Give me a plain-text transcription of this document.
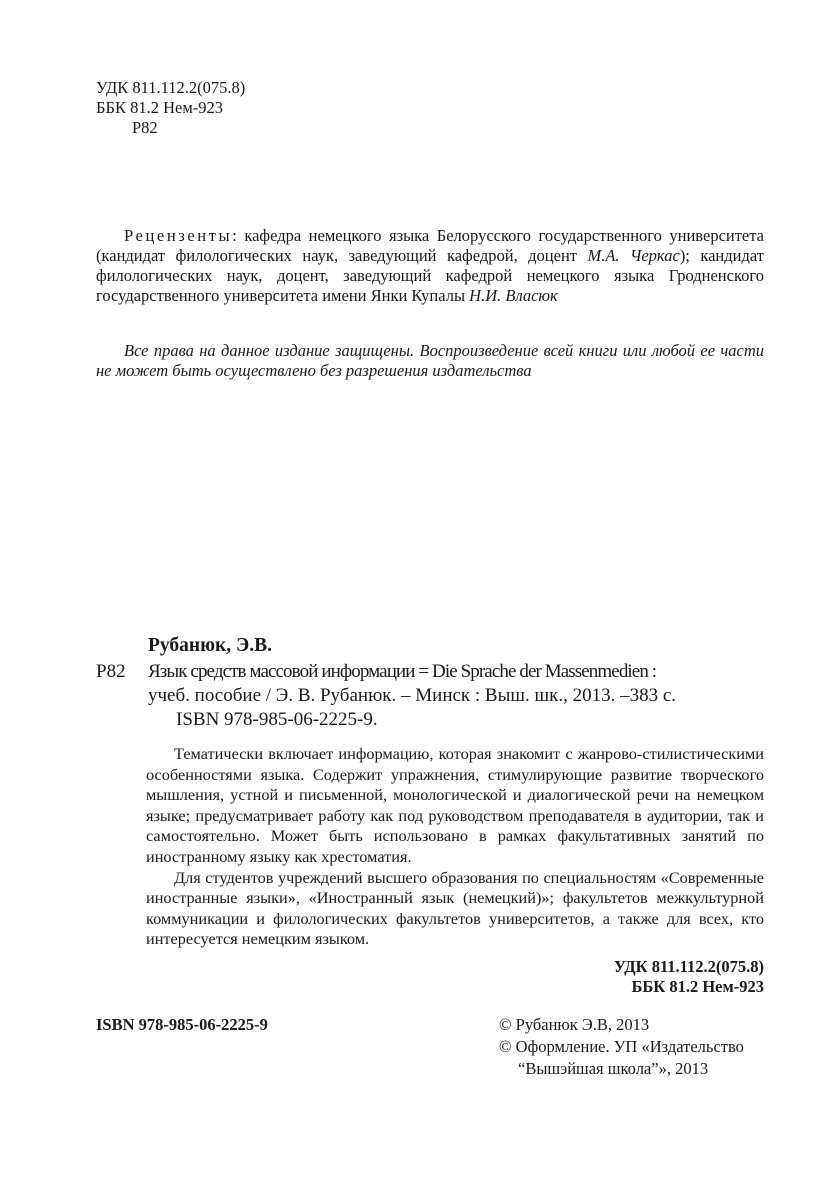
УДК 811.112.2(075.8)
ББК 81.2 Нем-923
Р82
Рецензенты: кафедра немецкого языка Белорусского государственного университета (кандидат филологических наук, заведующий кафедрой, доцент М.А. Черкас); кандидат филологических наук, доцент, заведующий кафедрой немецкого языка Гродненского государственного университета имени Янки Купалы Н.И. Власюк
Все права на данное издание защищены. Воспроизведение всей книги или любой ее части не может быть осуществлено без разрешения издательства
Рубанюк, Э.В.
Р82 Язык средств массовой информации = Die Sprache der Massenmedien :
учеб. пособие / Э. В. Рубанюк. – Минск : Выш. шк., 2013. –383 с.
ISBN 978-985-06-2225-9.

Тематически включает информацию, которая знакомит с жанрово-стилистическими особенностями языка. Содержит упражнения, стимулирующие развитие творческого мышления, устной и письменной, монологической и диалогической речи на немецком языке; предусматривает работу как под руководством преподавателя в аудитории, так и самостоятельно. Может быть использовано в рамках факультативных занятий по иностранному языку как хрестоматия.

Для студентов учреждений высшего образования по специальностям «Современные иностранные языки», «Иностранный язык (немецкий)»; факультетов межкультурной коммуникации и филологических факультетов университетов, а также для всех, кто интересуется немецким языком.

УДК 811.112.2(075.8)
ББК 81.2 Нем-923
ISBN 978-985-06-2225-9	© Рубанюк Э.В, 2013
© Оформление. УП «Издательство
“Вышэйшая школа”», 2013
